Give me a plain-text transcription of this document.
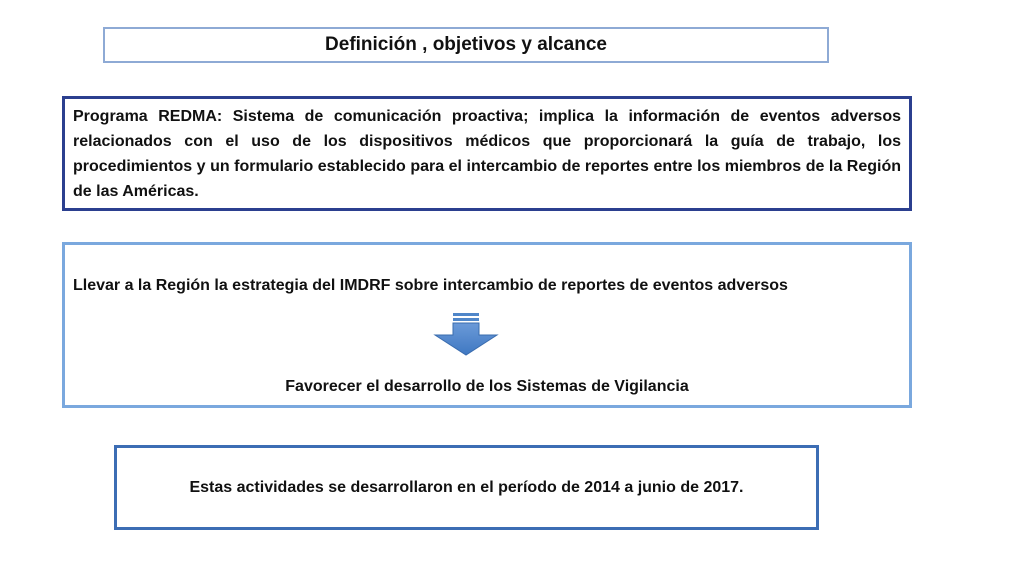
Definición , objetivos y alcance

Programa REDMA: Sistema de comunicación proactiva; implica la información de eventos adversos relacionados con el uso de los dispositivos médicos que proporcionará la guía de trabajo, los procedimientos y un formulario establecido para el intercambio de reportes entre los miembros de la Región de las Américas.

Llevar a la Región la estrategia del IMDRF sobre intercambio de reportes de eventos adversos

Favorecer el desarrollo de los Sistemas de Vigilancia

Estas actividades se desarrollaron en el período de 2014 a junio de 2017.
